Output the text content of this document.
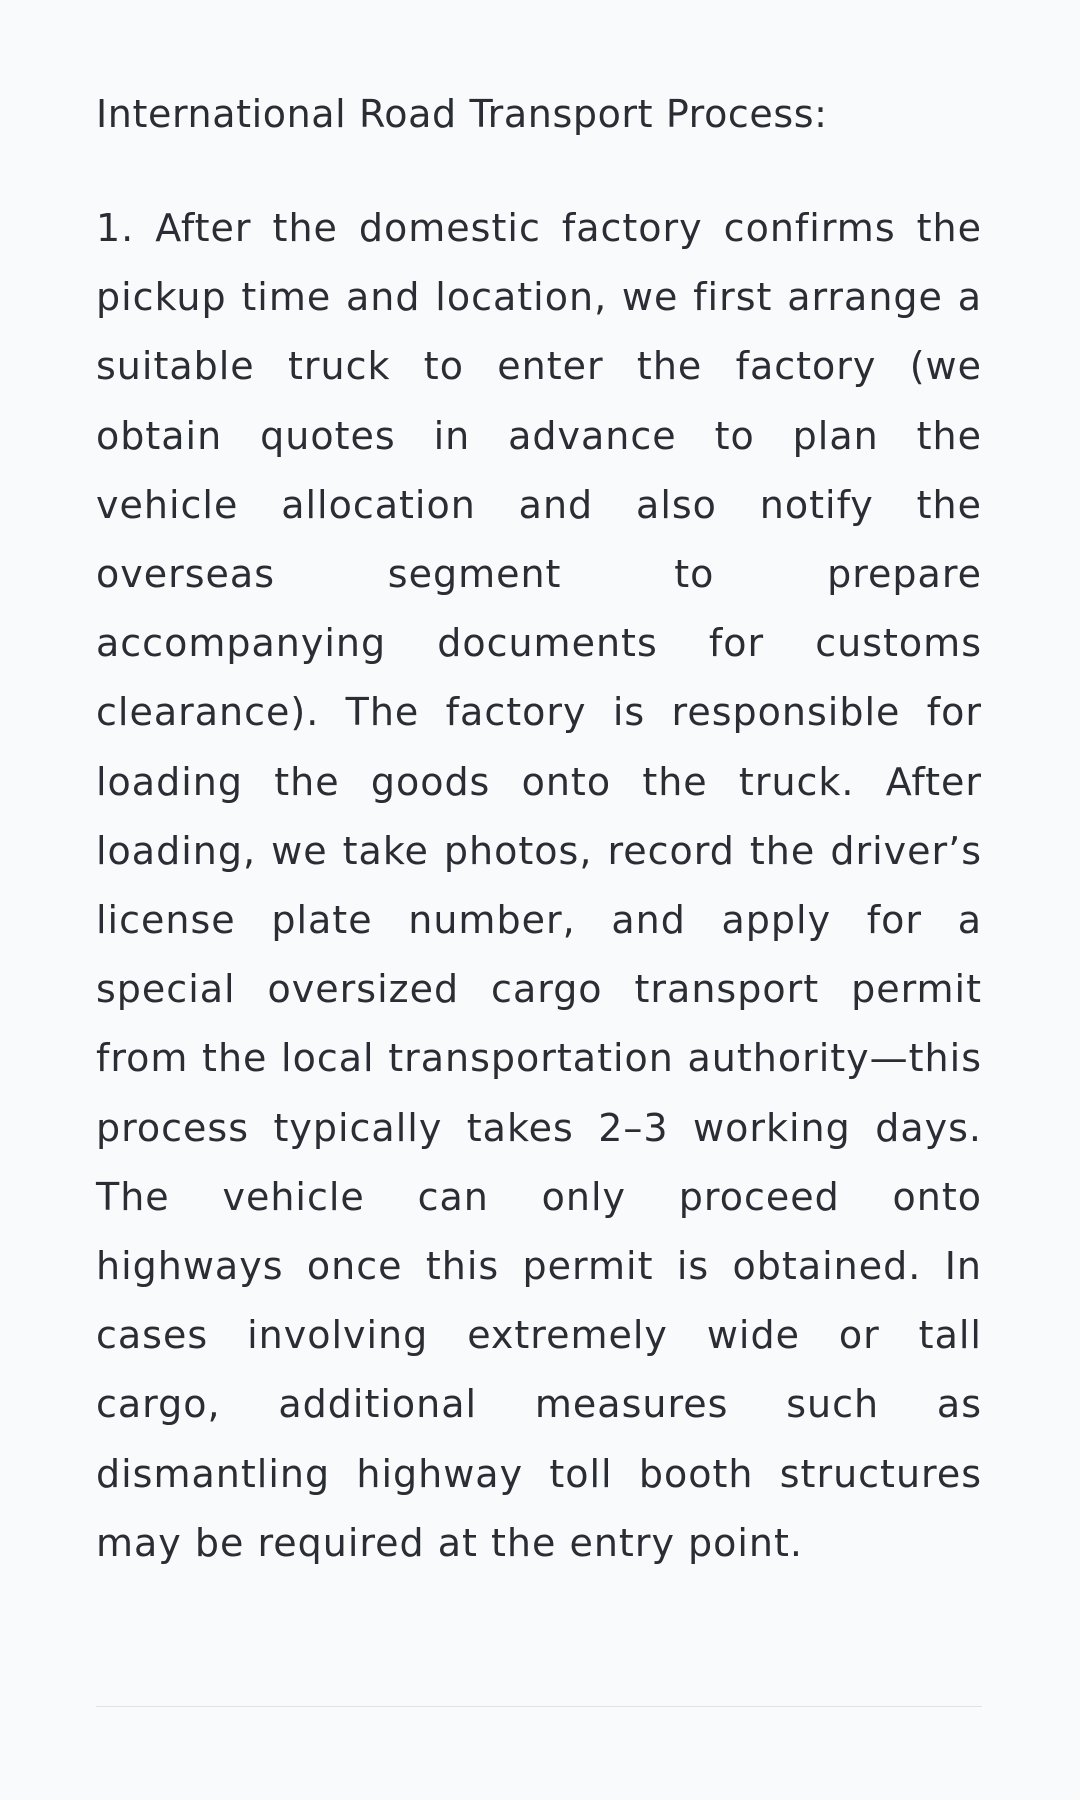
International Road Transport Process:

1. After the domestic factory confirms the pickup time and location, we first arrange a suitable truck to enter the factory (we obtain quotes in advance to plan the vehicle allocation and also notify the overseas segment to prepare accompanying documents for customs clearance). The factory is responsible for loading the goods onto the truck. After loading, we take photos, record the driver’s license plate number, and apply for a special oversized cargo transport permit from the local transportation authority—this process typically takes 2–3 working days. The vehicle can only proceed onto highways once this permit is obtained. In cases involving extremely wide or tall cargo, additional measures such as dismantling highway toll booth structures may be required at the entry point.
